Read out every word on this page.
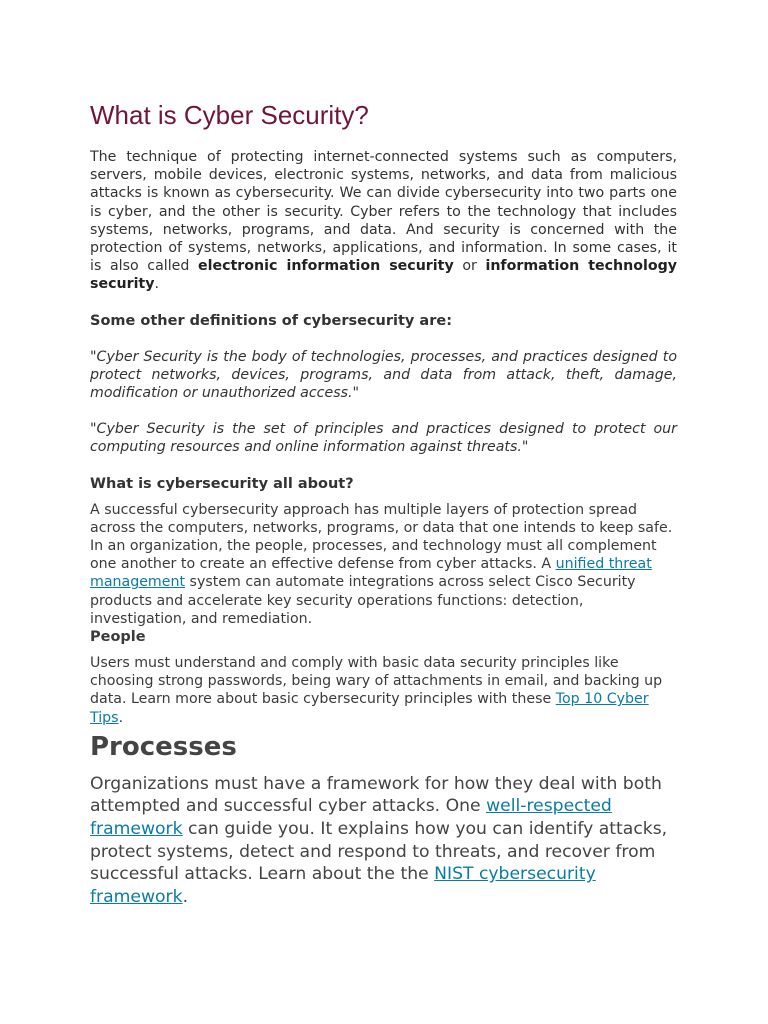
What is Cyber Security?

The technique of protecting internet-connected systems such as computers, servers, mobile devices, electronic systems, networks, and data from malicious attacks is known as cybersecurity. We can divide cybersecurity into two parts one is cyber, and the other is security. Cyber refers to the technology that includes systems, networks, programs, and data. And security is concerned with the protection of systems, networks, applications, and information. In some cases, it is also called electronic information security or information technology security.

Some other definitions of cybersecurity are:

"Cyber Security is the body of technologies, processes, and practices designed to protect networks, devices, programs, and data from attack, theft, damage, modification or unauthorized access."

"Cyber Security is the set of principles and practices designed to protect our computing resources and online information against threats."

What is cybersecurity all about?

A successful cybersecurity approach has multiple layers of protection spread across the computers, networks, programs, or data that one intends to keep safe. In an organization, the people, processes, and technology must all complement one another to create an effective defense from cyber attacks. A unified threat management system can automate integrations across select Cisco Security products and accelerate key security operations functions: detection, investigation, and remediation.

People

Users must understand and comply with basic data security principles like choosing strong passwords, being wary of attachments in email, and backing up data. Learn more about basic cybersecurity principles with these Top 10 Cyber Tips.

Processes

Organizations must have a framework for how they deal with both attempted and successful cyber attacks. One well-respected framework can guide you. It explains how you can identify attacks, protect systems, detect and respond to threats, and recover from successful attacks. Learn about the the NIST cybersecurity framework.
